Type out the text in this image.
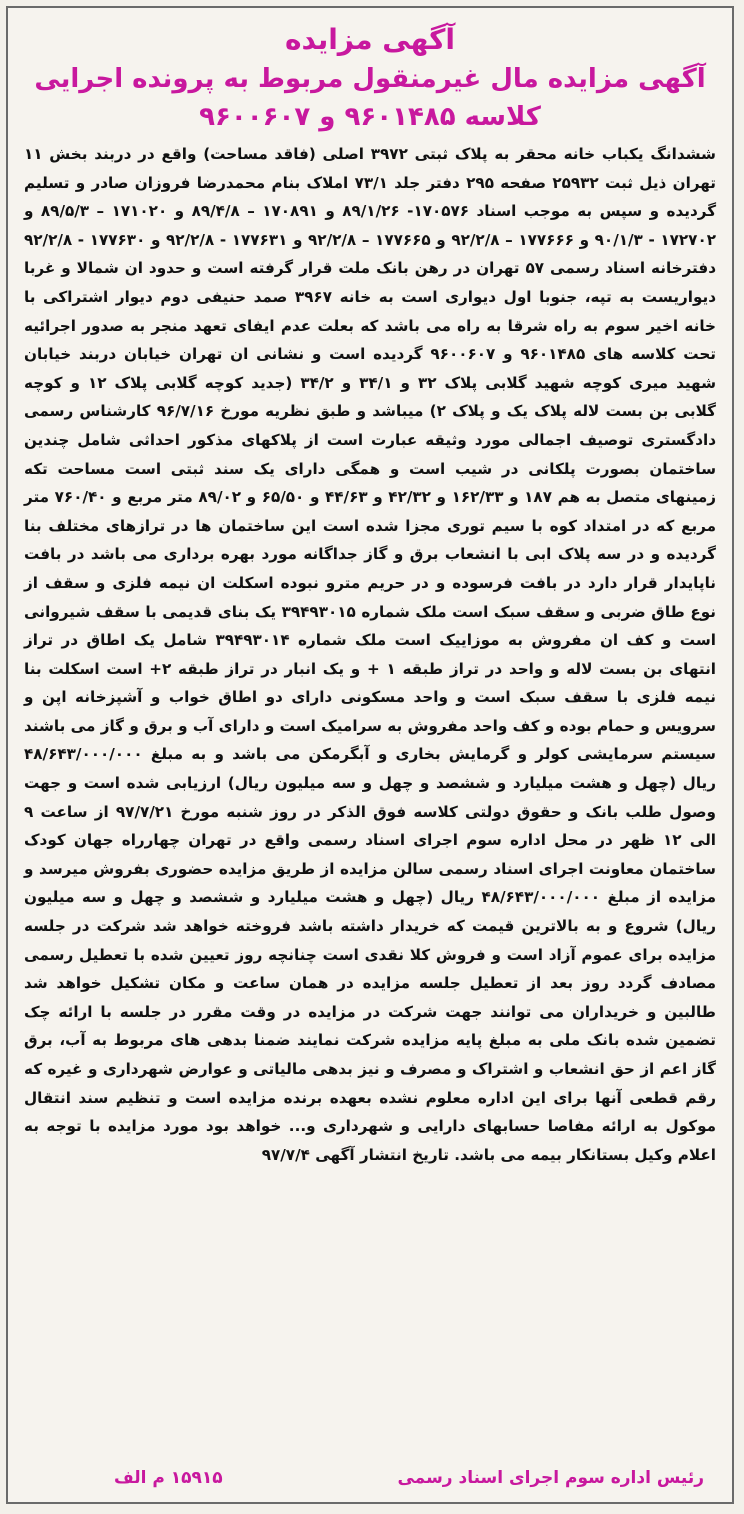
آگهی مزایده
آگهی مزایده مال غیرمنقول مربوط به پرونده اجرایی
کلاسه ۹۶۰۱۴۸۵ و ۹۶۰۰۶۰۷
ششدانگ یکباب خانه محقر به پلاک ثبتی ۳۹۷۲ اصلی (فاقد مساحت) واقع در دربند بخش ۱۱ تهران ذیل ثبت ۲۵۹۳۲ صفحه ۲۹۵ دفتر جلد ۷۳/۱ املاک بنام محمدرضا فروزان صادر و تسلیم گردیده و سپس به موجب اسناد ۱۷۰۵۷۶- ۸۹/۱/۲۶ و ۱۷۰۸۹۱ – ۸۹/۴/۸ و ۱۷۱۰۲۰ – ۸۹/۵/۳ و ۱۷۲۷۰۲ - ۹۰/۱/۳ و ۱۷۷۶۶۶ – ۹۲/۲/۸ و ۱۷۷۶۶۵ – ۹۲/۲/۸ و ۱۷۷۶۳۱ - ۹۲/۲/۸ و ۱۷۷۶۳۰ - ۹۲/۲/۸ دفترخانه اسناد رسمی ۵۷ تهران در رهن بانک ملت قرار گرفته است و حدود ان شمالا و غربا دیواریست به تپه، جنوبا اول دیواری است به خانه ۳۹۶۷ صمد حنیفی دوم دیوار اشتراکی با خانه اخیر سوم به راه شرقا به راه می باشد که بعلت عدم ایفای تعهد منجر به صدور اجرائیه تحت کلاسه های ۹۶۰۱۴۸۵ و ۹۶۰۰۶۰۷ گردیده است و نشانی ان تهران خیابان دربند خیابان شهید میری کوچه شهید گلابی پلاک ۳۲ و ۳۴/۱ و ۳۴/۲ (جدید کوچه گلابی پلاک ۱۲ و کوچه گلابی بن بست لاله پلاک یک و پلاک ۲) میباشد و طبق نظریه مورخ ۹۶/۷/۱۶ کارشناس رسمی دادگستری توصیف اجمالی مورد وثیقه عبارت است از پلاکهای مذکور احداثی شامل چندین ساختمان بصورت پلکانی در شیب است و همگی دارای یک سند ثبتی است مساحت تکه زمینهای متصل به هم ۱۸۷ و ۱۶۲/۳۳ و ۴۲/۳۲ و ۴۴/۶۳ و ۶۵/۵۰ و ۸۹/۰۲ متر مربع و ۷۶۰/۴۰ متر مربع که در امتداد کوه با سیم توری مجزا شده است این ساختمان ها در ترازهای مختلف بنا گردیده و در سه پلاک ابی با انشعاب برق و گاز جداگانه مورد بهره برداری می باشد در بافت ناپایدار قرار دارد در بافت فرسوده و در حریم مترو نبوده اسکلت ان نیمه فلزی و سقف از نوع طاق ضربی و سقف سبک است ملک شماره ۳۹۴۹۳۰۱۵ یک بنای قدیمی با سقف شیروانی است و کف ان مفروش به موزاییک است ملک شماره ۳۹۴۹۳۰۱۴ شامل یک اطاق در تراز انتهای بن بست لاله و واحد در تراز طبقه ۱ + و یک انبار در تراز طبقه ۲+ است اسکلت بنا نیمه فلزی با سقف سبک است و واحد مسکونی دارای دو اطاق خواب و آشپزخانه اپن و سرویس و حمام بوده و کف واحد مفروش به سرامیک است و دارای آب و برق و گاز می باشند سیستم سرمایشی کولر و گرمایش بخاری و آبگرمکن می باشد و به مبلغ ۴۸/۶۴۳/۰۰۰/۰۰۰ ریال (چهل و هشت میلیارد و ششصد و چهل و سه میلیون ریال) ارزیابی شده است و جهت وصول طلب بانک و حقوق دولتی کلاسه فوق الذکر در روز شنبه مورخ ۹۷/۷/۲۱ از ساعت ۹ الی ۱۲ ظهر در محل اداره سوم اجرای اسناد رسمی واقع در تهران چهارراه جهان کودک ساختمان معاونت اجرای اسناد رسمی سالن مزایده از طریق مزایده حضوری بفروش میرسد و مزایده از مبلغ ۴۸/۶۴۳/۰۰۰/۰۰۰ ریال (چهل و هشت میلیارد و ششصد و چهل و سه میلیون ریال) شروع و به بالاترین قیمت که خریدار داشته باشد فروخته خواهد شد شرکت در جلسه مزایده برای عموم آزاد است و فروش کلا نقدی است چنانچه روز تعیین شده با تعطیل رسمی مصادف گردد روز بعد از تعطیل جلسه مزایده در همان ساعت و مکان تشکیل خواهد شد طالبین و خریداران می توانند جهت شرکت در مزایده در وقت مقرر در جلسه با ارائه چک تضمین شده بانک ملی به مبلغ پایه مزایده شرکت نمایند ضمنا بدهی های مربوط به آب، برق گاز اعم از حق انشعاب و اشتراک و مصرف و نیز بدهی مالیاتی و عوارض شهرداری و غیره که رقم قطعی آنها برای این اداره معلوم نشده بعهده برنده مزایده است و تنظیم سند انتقال موکول به ارائه مفاصا حسابهای دارایی و شهرداری و... خواهد بود مورد مزایده با توجه به اعلام وکیل بستانکار بیمه می باشد. تاریخ انتشار آگهی ۹۷/۷/۴
رئیس اداره سوم اجرای اسناد رسمی
۱۵۹۱۵ م الف
